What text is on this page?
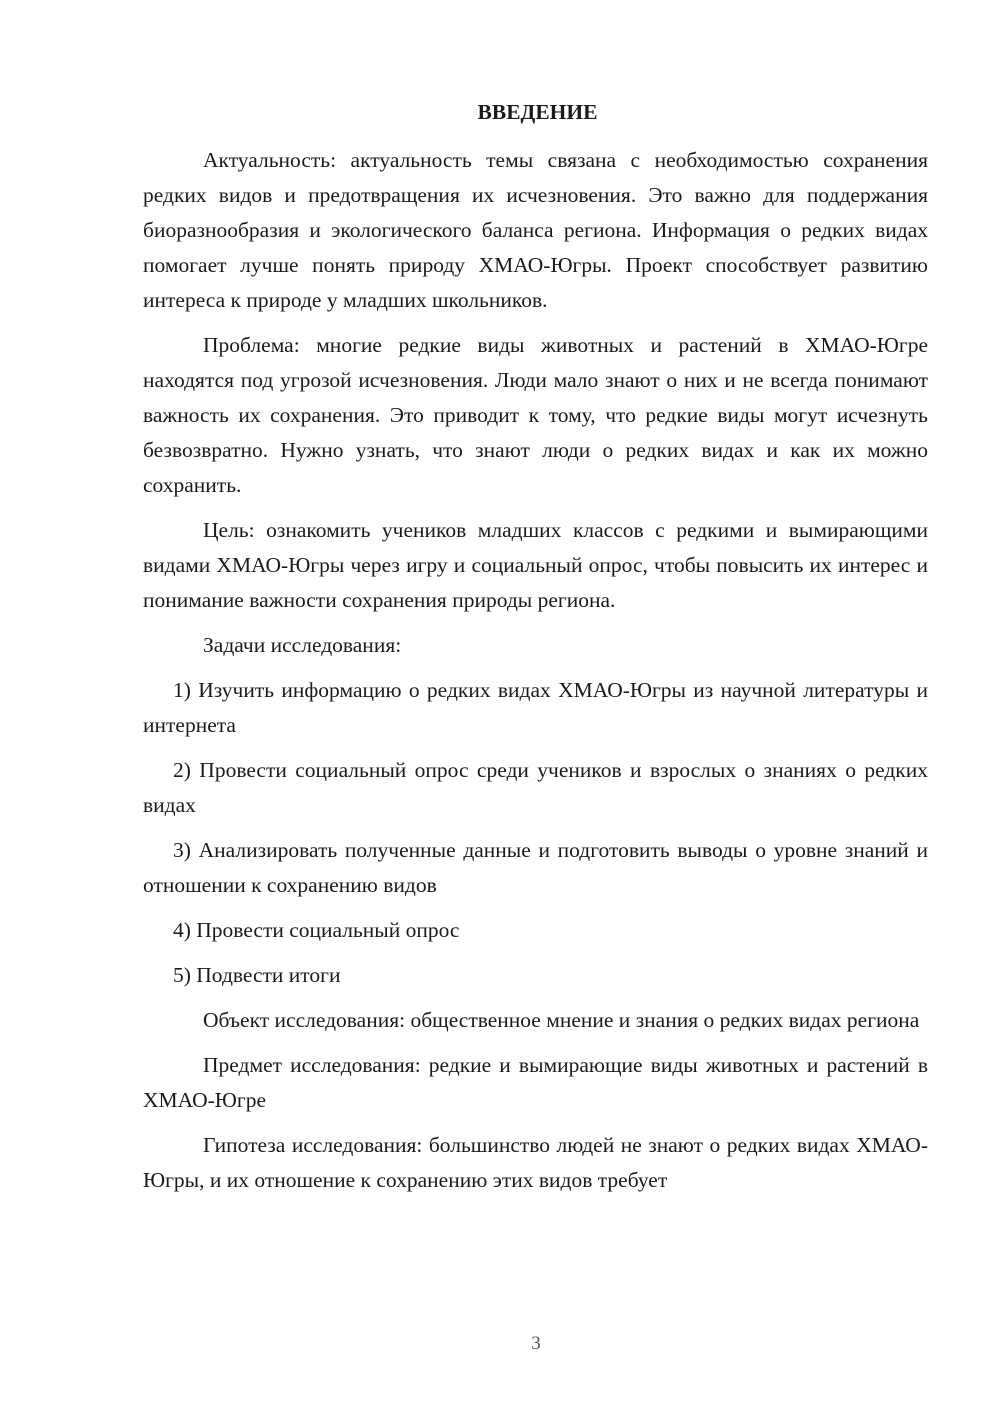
ВВЕДЕНИЕ

Актуальность: актуальность темы связана с необходимостью сохранения редких видов и предотвращения их исчезновения. Это важно для поддержания биоразнообразия и экологического баланса региона. Информация о редких видах помогает лучше понять природу ХМАО-Югры. Проект способствует развитию интереса к природе у младших школьников.

Проблема: многие редкие виды животных и растений в ХМАО-Югре находятся под угрозой исчезновения. Люди мало знают о них и не всегда понимают важность их сохранения. Это приводит к тому, что редкие виды могут исчезнуть безвозвратно. Нужно узнать, что знают люди о редких видах и как их можно сохранить.

Цель: ознакомить учеников младших классов с редкими и вымирающими видами ХМАО-Югры через игру и социальный опрос, чтобы повысить их интерес и понимание важности сохранения природы региона.

Задачи исследования:

1) Изучить информацию о редких видах ХМАО-Югры из научной литературы и интернета

2) Провести социальный опрос среди учеников и взрослых о знаниях о редких видах

3) Анализировать полученные данные и подготовить выводы о уровне знаний и отношении к сохранению видов

4) Провести социальный опрос

5) Подвести итоги

Объект исследования: общественное мнение и знания о редких видах региона

Предмет исследования: редкие и вымирающие виды животных и растений в ХМАО-Югре

Гипотеза исследования: большинство людей не знают о редких видах ХМАО-Югры, и их отношение к сохранению этих видов требует

3
